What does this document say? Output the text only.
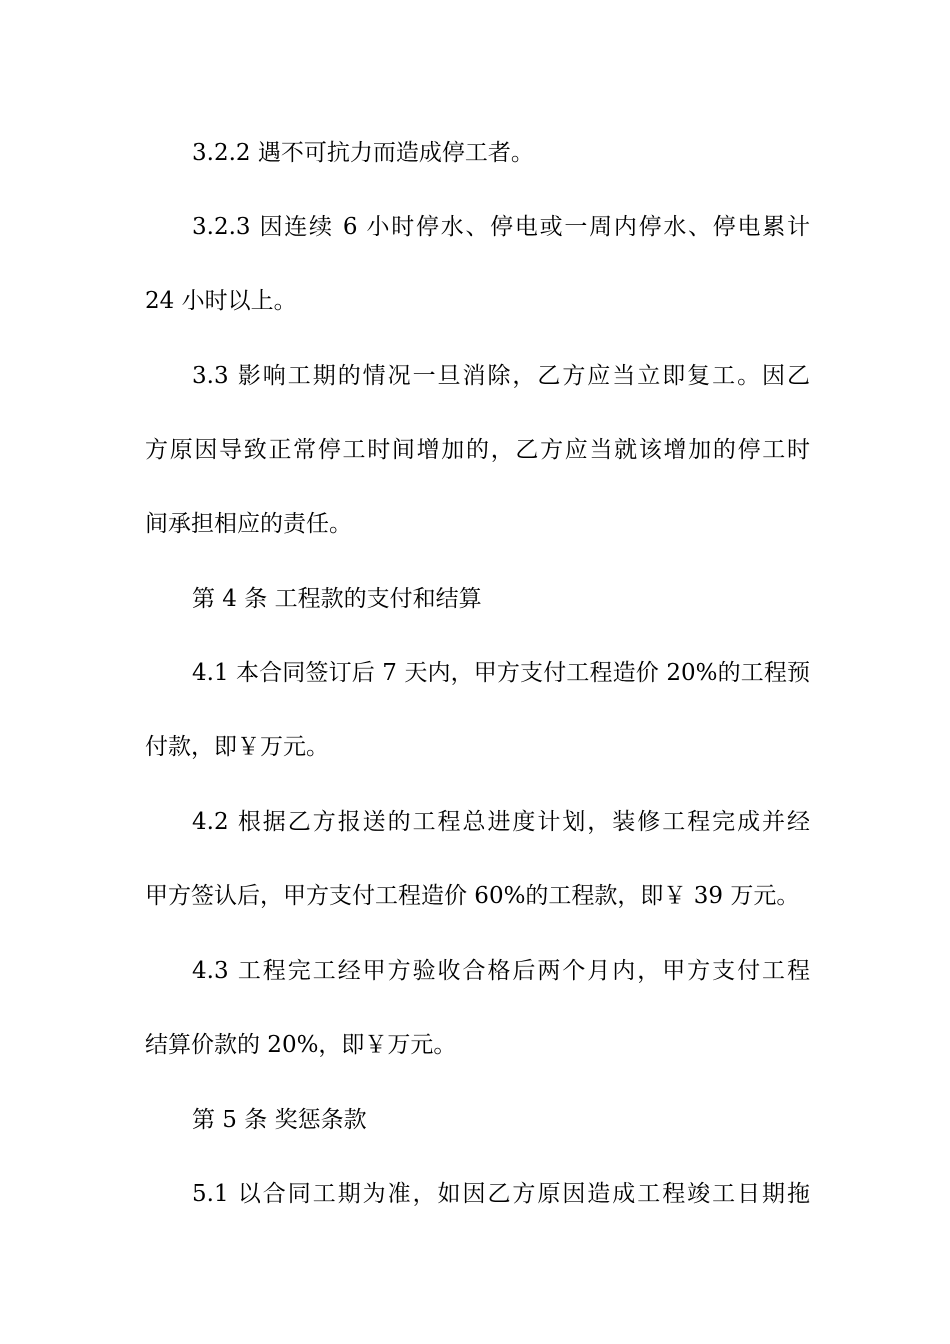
3.2.2 遇不可抗力而造成停工者。
3.2.3 因连续 6 小时停水、停电或一周内停水、停电累计
24 小时以上。
3.3 影响工期的情况一旦消除，乙方应当立即复工。因乙
方原因导致正常停工时间增加的，乙方应当就该增加的停工时
间承担相应的责任。
第 4 条 工程款的支付和结算
4.1 本合同签订后 7 天内，甲方支付工程造价 20%的工程预
付款，即￥万元。
4.2 根据乙方报送的工程总进度计划，装修工程完成并经
甲方签认后，甲方支付工程造价 60%的工程款，即￥ 39 万元。
4.3 工程完工经甲方验收合格后两个月内，甲方支付工程
结算价款的 20%，即￥万元。
第 5 条 奖惩条款
5.1 以合同工期为准，如因乙方原因造成工程竣工日期拖
